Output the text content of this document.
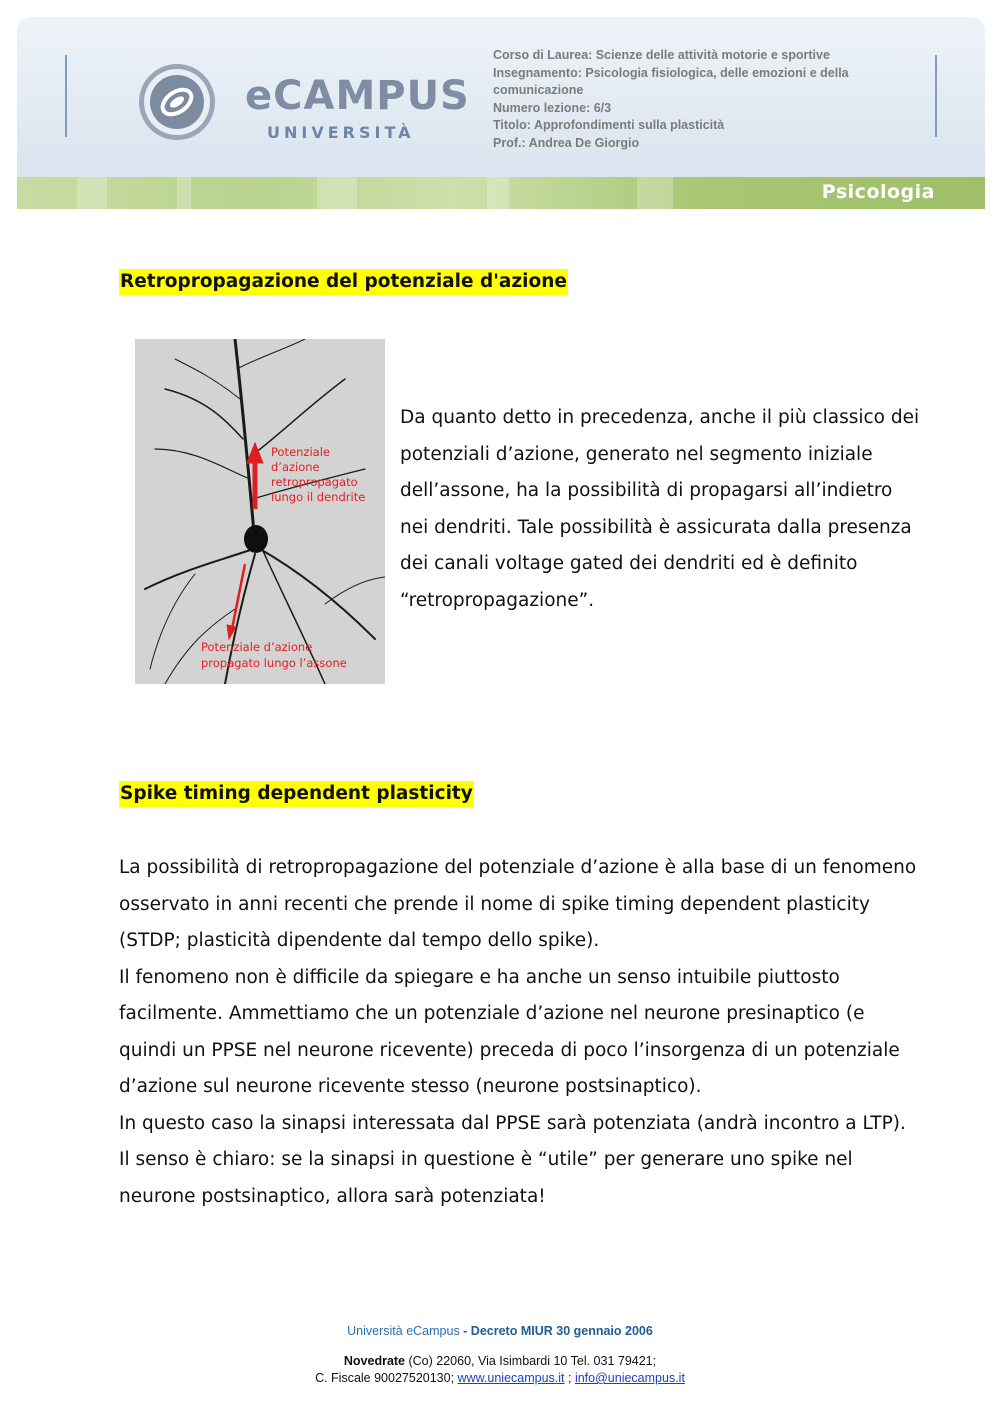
eCAMPUS
UNIVERSITÀ
Corso di Laurea: Scienze delle attività motorie e sportive
Insegnamento: Psicologia fisiologica, delle emozioni e della comunicazione
Numero lezione: 6/3
Titolo: Approfondimenti sulla plasticità
Prof.: Andrea De Giorgio
Psicologia
Retropropagazione del potenziale d'azione
Potenziale
d’azione
retropropagato
lungo il dendrite
Potenziale d’azione
propagato lungo l’assone

Da quanto detto in precedenza, anche il più classico dei potenziali d’azione, generato nel segmento iniziale dell’assone, ha la possibilità di propagarsi all’indietro nei dendriti. Tale possibilità è assicurata dalla presenza dei canali voltage gated dei dendriti ed è definito “retropropagazione”.

Spike timing dependent plasticity

La possibilità di retropropagazione del potenziale d’azione è alla base di un fenomeno osservato in anni recenti che prende il nome di spike timing dependent plasticity (STDP; plasticità dipendente dal tempo dello spike).

Il fenomeno non è difficile da spiegare e ha anche un senso intuibile piuttosto facilmente. Ammettiamo che un potenziale d’azione nel neurone presinaptico (e quindi un PPSE nel neurone ricevente) preceda di poco l’insorgenza di un potenziale d’azione sul neurone ricevente stesso (neurone postsinaptico).

In questo caso la sinapsi interessata dal PPSE sarà potenziata (andrà incontro a LTP). Il senso è chiaro: se la sinapsi in questione è “utile” per generare uno spike nel neurone postsinaptico, allora sarà potenziata!

Università eCampus - Decreto MIUR 30 gennaio 2006
Novedrate (Co) 22060, Via Isimbardi 10 Tel. 031 79421;
C. Fiscale 90027520130; www.uniecampus.it ; info@uniecampus.it
